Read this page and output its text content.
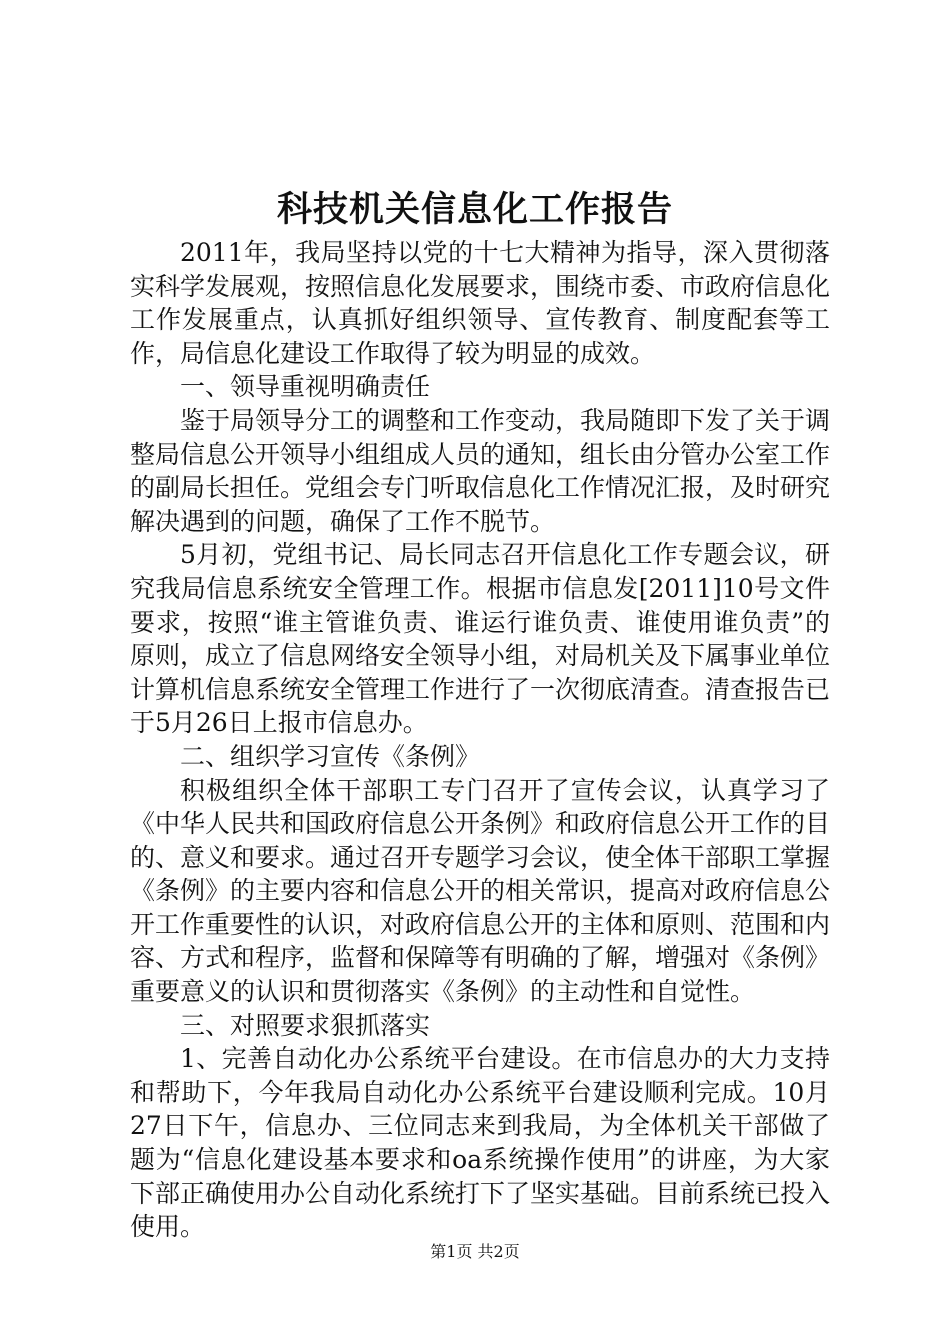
科技机关信息化工作报告

2011年，我局坚持以党的十七大精神为指导，深入贯彻落实科学发展观，按照信息化发展要求，围绕市委、市政府信息化工作发展重点，认真抓好组织领导、宣传教育、制度配套等工作，局信息化建设工作取得了较为明显的成效。

一、领导重视明确责任

鉴于局领导分工的调整和工作变动，我局随即下发了关于调整局信息公开领导小组组成人员的通知，组长由分管办公室工作的副局长担任。党组会专门听取信息化工作情况汇报，及时研究解决遇到的问题，确保了工作不脱节。

5月初，党组书记、局长同志召开信息化工作专题会议，研究我局信息系统安全管理工作。根据市信息发[2011]10号文件要求，按照“谁主管谁负责、谁运行谁负责、谁使用谁负责”的原则，成立了信息网络安全领导小组，对局机关及下属事业单位计算机信息系统安全管理工作进行了一次彻底清查。清查报告已于5月26日上报市信息办。

二、组织学习宣传《条例》

积极组织全体干部职工专门召开了宣传会议，认真学习了《中华人民共和国政府信息公开条例》和政府信息公开工作的目的、意义和要求。通过召开专题学习会议，使全体干部职工掌握《条例》的主要内容和信息公开的相关常识，提高对政府信息公开工作重要性的认识，对政府信息公开的主体和原则、范围和内容、方式和程序，监督和保障等有明确的了解，增强对《条例》重要意义的认识和贯彻落实《条例》的主动性和自觉性。

三、对照要求狠抓落实

1、完善自动化办公系统平台建设。在市信息办的大力支持和帮助下，今年我局自动化办公系统平台建设顺利完成。10月27日下午，信息办、三位同志来到我局，为全体机关干部做了题为“信息化建设基本要求和oa系统操作使用”的讲座，为大家下部正确使用办公自动化系统打下了坚实基础。目前系统已投入使用。

第1页 共2页
